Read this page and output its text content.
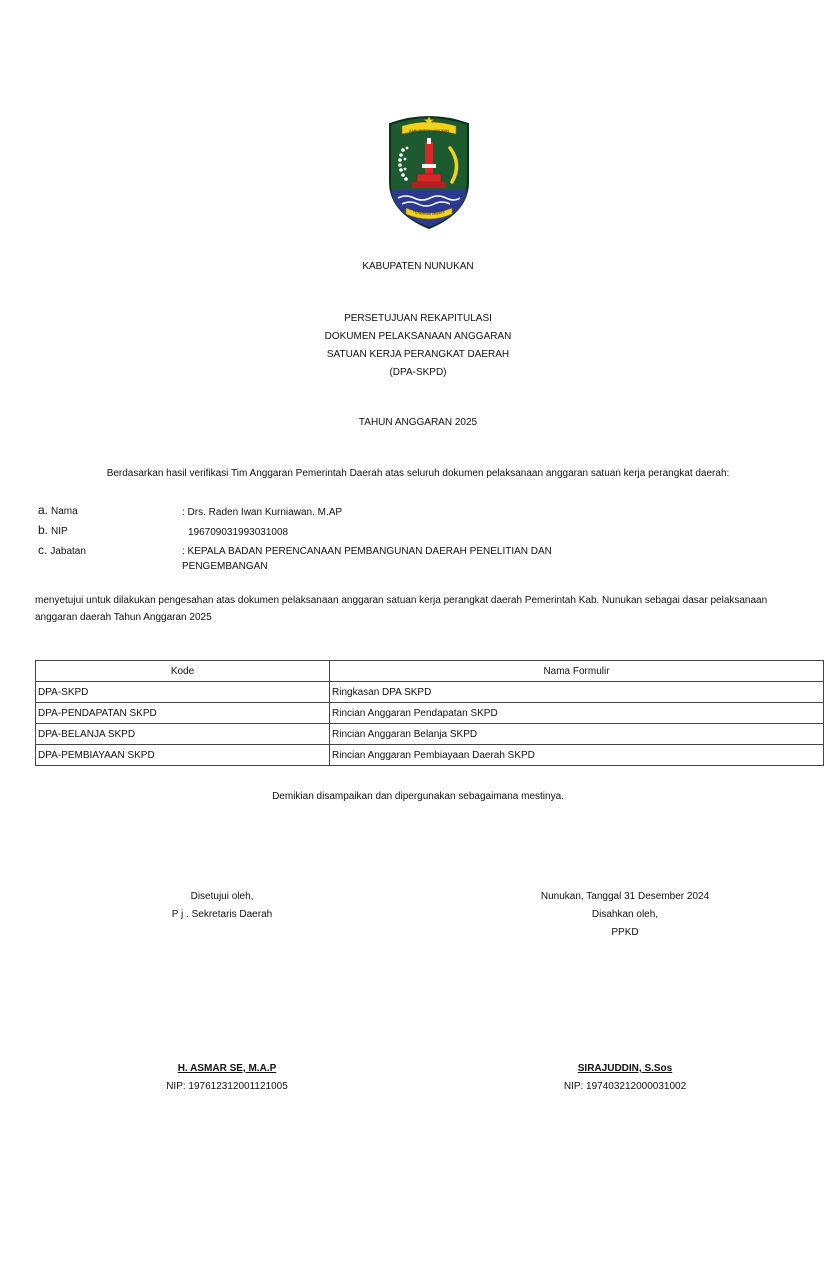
KABUPATEN NUNUKAN
PENEKINDI DEBAYA
KABUPATEN NUNUKAN
PERSETUJUAN REKAPITULASI
DOKUMEN PELAKSANAAN ANGGARAN
SATUAN KERJA PERANGKAT DAERAH
(DPA-SKPD)
TAHUN ANGGARAN 2025
Berdasarkan hasil verifikasi Tim Anggaran Pemerintah Daerah atas seluruh dokumen pelaksanaan anggaran satuan kerja perangkat daerah:
a. Nama	: Drs. Raden Iwan Kurniawan. M.AP
b. NIP	196709031993031008
c. Jabatan	: KEPALA BADAN PERENCANAAN PEMBANGUNAN DAERAH PENELITIAN DAN
PENGEMBANGAN
menyetujui untuk dilakukan pengesahan atas dokumen pelaksanaan anggaran satuan kerja perangkat daerah Pemerintah Kab. Nunukan sebagai dasar pelaksanaan anggaran daerah Tahun Anggaran 2025
Kode	Nama Formulir
DPA-SKPD	Ringkasan DPA SKPD
DPA-PENDAPATAN SKPD	Rincian Anggaran Pendapatan SKPD
DPA-BELANJA SKPD	Rincian Anggaran Belanja SKPD
DPA-PEMBIAYAAN SKPD	Rincian Anggaran Pembiayaan Daerah SKPD
Demikian disampaikan dan dipergunakan sebagaimana mestinya.
Disetujui oleh,
P j . Sekretaris Daerah
Nunukan, Tanggal 31 Desember 2024
Disahkan oleh,
PPKD
H. ASMAR SE, M.A.P
NIP: 197612312001121005
SIRAJUDDIN, S.Sos
NIP: 197403212000031002
